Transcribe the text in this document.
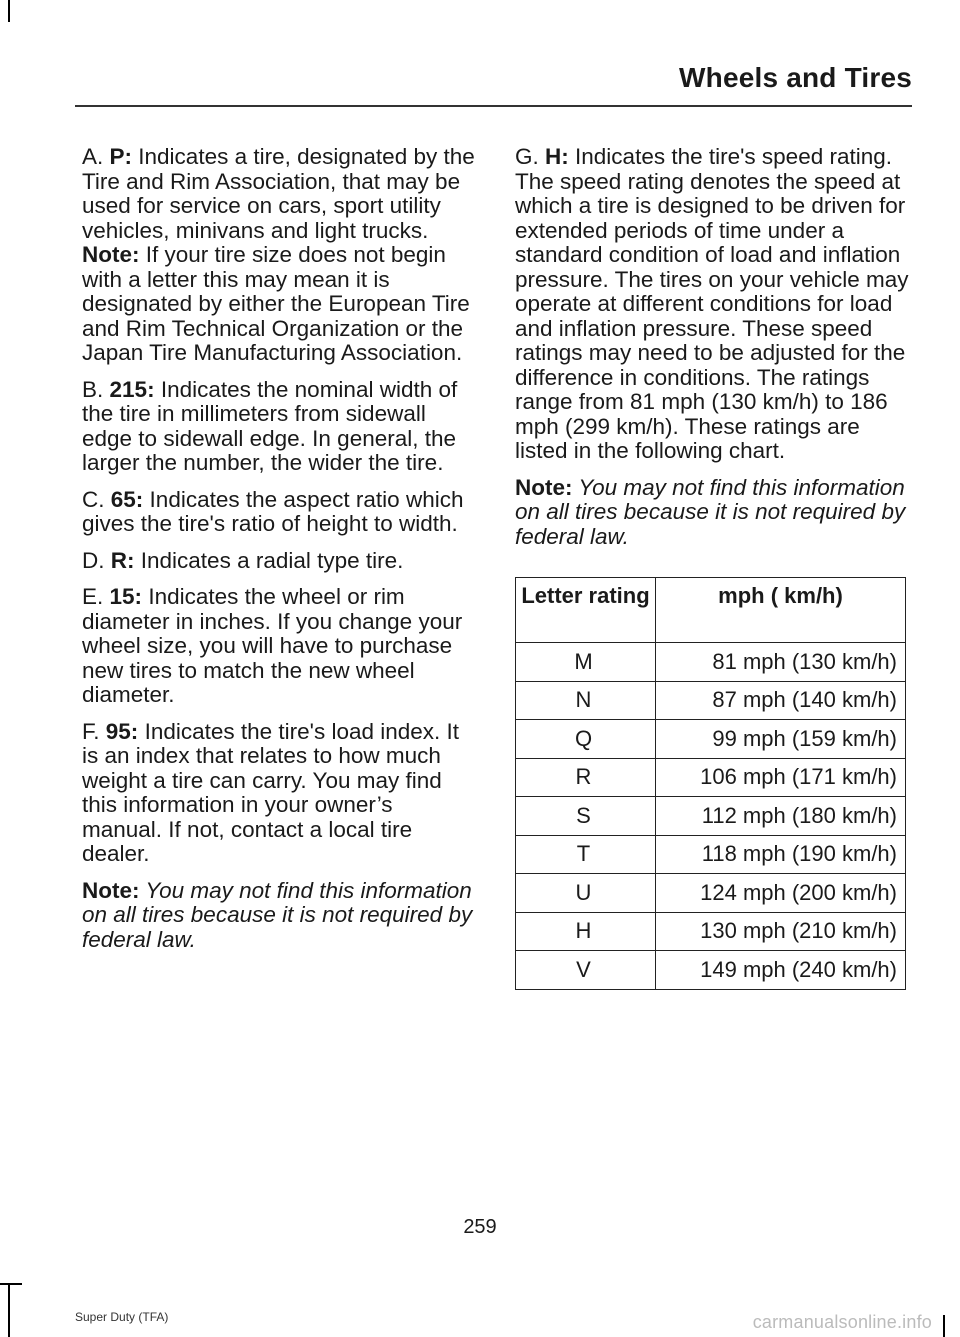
Wheels and Tires

A. P: Indicates a tire, designated by the Tire and Rim Association, that may be used for service on cars, sport utility vehicles, minivans and light trucks. Note: If your tire size does not begin with a letter this may mean it is designated by either the European Tire and Rim Technical Organization or the Japan Tire Manufacturing Association.

B. 215: Indicates the nominal width of the tire in millimeters from sidewall edge to sidewall edge. In general, the larger the number, the wider the tire.

C. 65: Indicates the aspect ratio which gives the tire's ratio of height to width.

D. R: Indicates a radial type tire.

E. 15: Indicates the wheel or rim diameter in inches. If you change your wheel size, you will have to purchase new tires to match the new wheel diameter.

F. 95: Indicates the tire's load index. It is an index that relates to how much weight a tire can carry. You may find this information in your owner’s manual. If not, contact a local tire dealer.

Note: You may not find this information on all tires because it is not required by federal law.

G. H: Indicates the tire's speed rating. The speed rating denotes the speed at which a tire is designed to be driven for extended periods of time under a standard condition of load and inflation pressure. The tires on your vehicle may operate at different conditions for load and inflation pressure. These speed ratings may need to be adjusted for the difference in conditions. The ratings range from 81 mph (130 km/h) to 186 mph (299 km/h). These ratings are listed in the following chart.

Note: You may not find this information on all tires because it is not required by federal law.

Letter rating	mph ( km/h)
M	81 mph (130 km/h)
N	87 mph (140 km/h)
Q	99 mph (159 km/h)
R	106 mph (171 km/h)
S	112 mph (180 km/h)
T	118 mph (190 km/h)
U	124 mph (200 km/h)
H	130 mph (210 km/h)
V	149 mph (240 km/h)
259
Super Duty (TFA)	carmanualsonline.info
